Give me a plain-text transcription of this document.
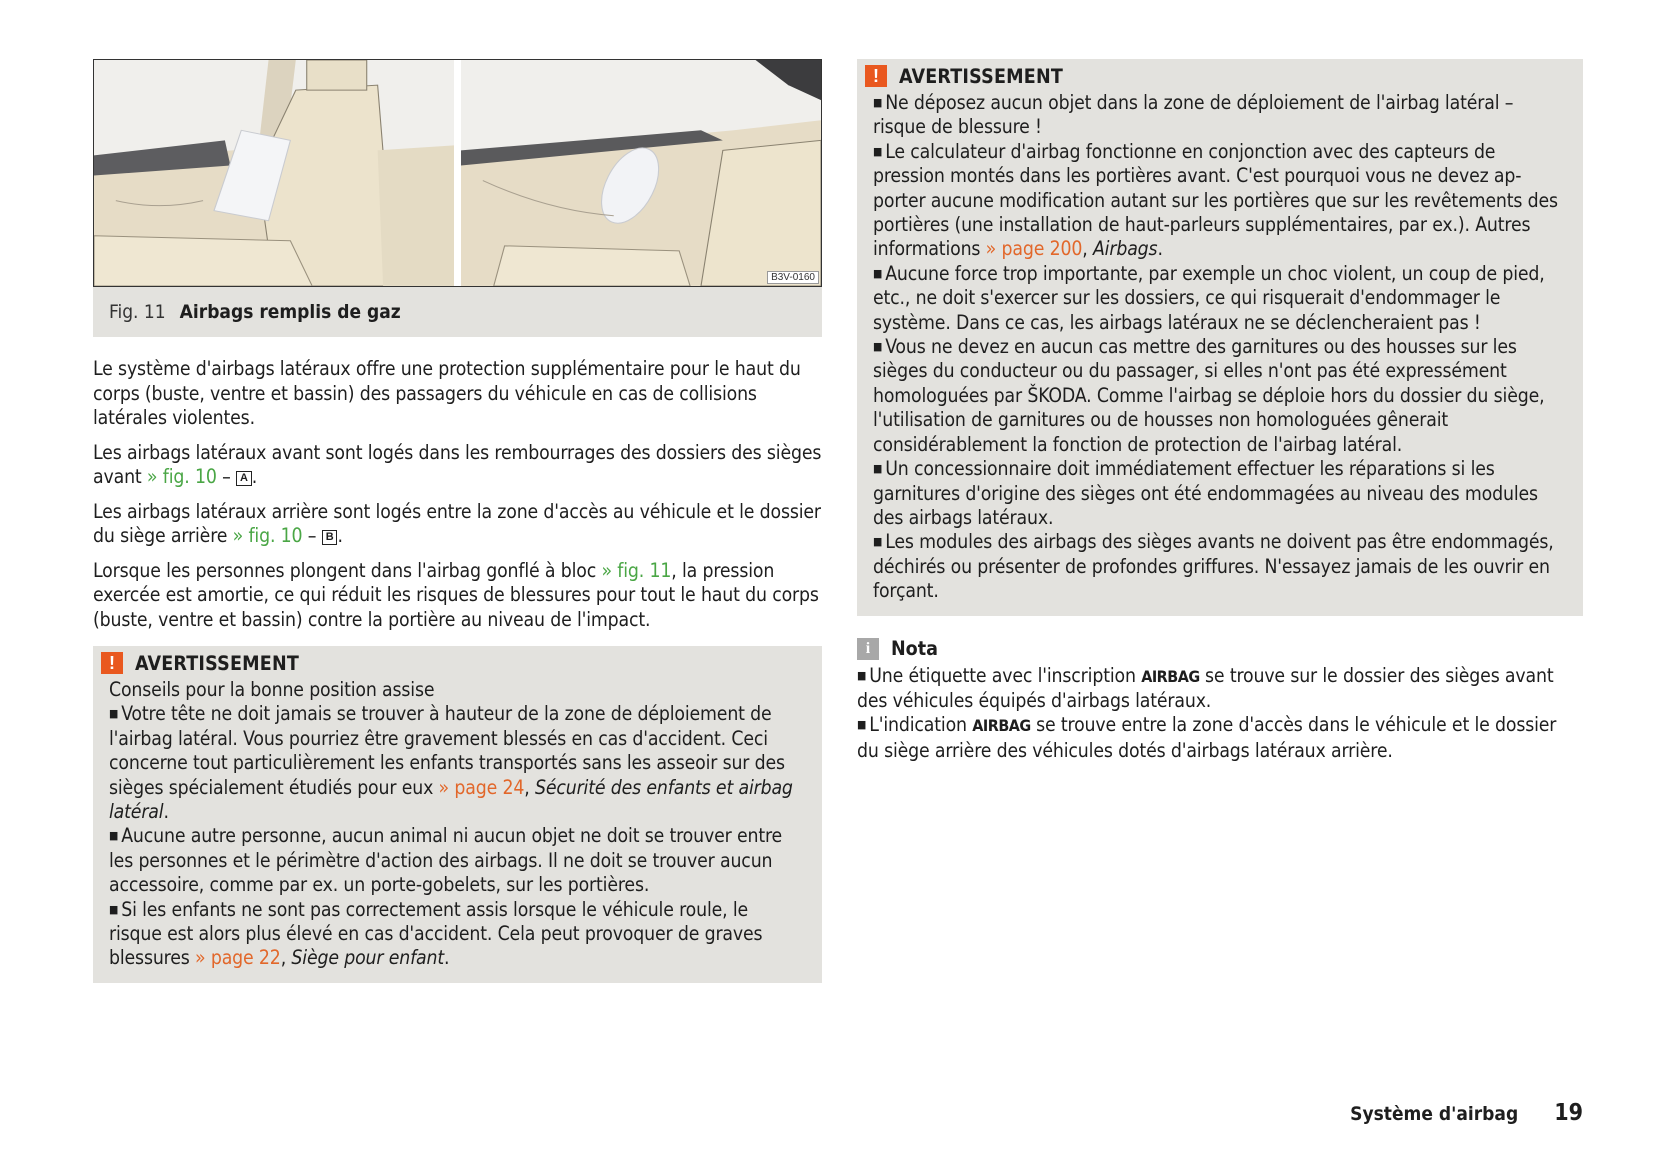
B3V-0160
Fig. 11 Airbags remplis de gaz

Le système d'airbags latéraux offre une protection supplémentaire pour le haut du corps (buste, ventre et bassin) des passagers du véhicule en cas de collisions latérales violentes.

Les airbags latéraux avant sont logés dans les rembourrages des dossiers des sièges avant » fig. 10 – A .

Les airbags latéraux arrière sont logés entre la zone d'accès au véhicule et le dossier du siège arrière » fig. 10 – B .

Lorsque les personnes plongent dans l'airbag gonflé à bloc » fig. 11, la pression exercée est amortie, ce qui réduit les risques de blessures pour tout le haut du corps (buste, ventre et bassin) contre la portière au niveau de l'impact.

!	AVERTISSEMENT

Conseils pour la bonne position assise

■ Votre tête ne doit jamais se trouver à hauteur de la zone de déploiement de l'airbag latéral. Vous pourriez être gravement blessés en cas d'accident. Ceci concerne tout particulièrement les enfants transportés sans les asseoir sur des sièges spécialement étudiés pour eux » page 24, Sécurité des enfants et airbag latéral.

■ Aucune autre personne, aucun animal ni aucun objet ne doit se trouver entre les personnes et le périmètre d'action des airbags. Il ne doit se trouver aucun accessoire, comme par ex. un porte-gobelets, sur les portières.

■ Si les enfants ne sont pas correctement assis lorsque le véhicule roule, le risque est alors plus élevé en cas d'accident. Cela peut provoquer de graves blessures » page 22, Siège pour enfant.

!	AVERTISSEMENT

■ Ne déposez aucun objet dans la zone de déploiement de l'airbag latéral – risque de blessure !

■ Le calculateur d'airbag fonctionne en conjonction avec des capteurs de pression montés dans les portières avant. C'est pourquoi vous ne devez apporter aucune modification autant sur les portières que sur les revêtements des portières (une installation de haut-parleurs supplémentaires, par ex.). Autres informations » page 200, Airbags.

■ Aucune force trop importante, par exemple un choc violent, un coup de pied, etc., ne doit s'exercer sur les dossiers, ce qui risquerait d'endommager le système. Dans ce cas, les airbags latéraux ne se déclencheraient pas !

■ Vous ne devez en aucun cas mettre des garnitures ou des housses sur les sièges du conducteur ou du passager, si elles n'ont pas été expressément homologuées par ŠKODA. Comme l'airbag se déploie hors du dossier du siège, l'utilisation de garnitures ou de housses non homologuées gênerait considérablement la fonction de protection de l'airbag latéral.

■ Un concessionnaire doit immédiatement effectuer les réparations si les garnitures d'origine des sièges ont été endommagées au niveau des modules des airbags latéraux.

■ Les modules des airbags des sièges avants ne doivent pas être endommagés, déchirés ou présenter de profondes griffures. N'essayez jamais de les ouvrir en forçant.

i	Nota

■ Une étiquette avec l'inscription AIRBAG se trouve sur le dossier des sièges avant des véhicules équipés d'airbags latéraux.

■ L'indication AIRBAG se trouve entre la zone d'accès dans le véhicule et le dossier du siège arrière des véhicules dotés d'airbags latéraux arrière.

Système d'airbag 19
